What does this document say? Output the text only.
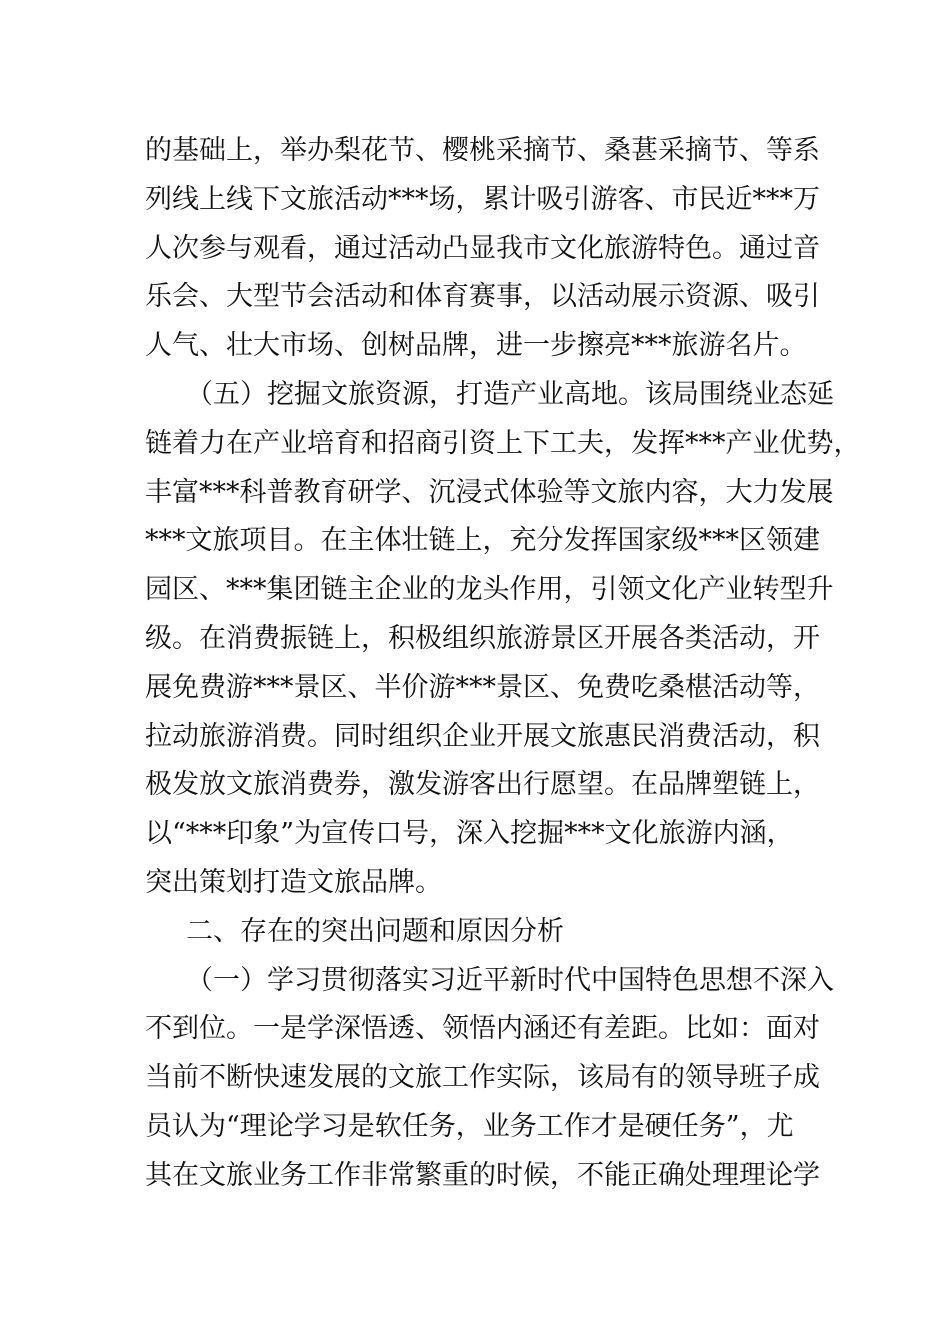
的基础上，举办梨花节、樱桃采摘节、桑葚采摘节、等系
列线上线下文旅活动***场，累计吸引游客、市民近***万
人次参与观看，通过活动凸显我市文化旅游特色。通过音
乐会、大型节会活动和体育赛事，以活动展示资源、吸引
人气、壮大市场、创树品牌，进一步擦亮***旅游名片。
（五）挖掘文旅资源，打造产业高地。该局围绕业态延
链着力在产业培育和招商引资上下工夫，发挥***产业优势，
丰富***科普教育研学、沉浸式体验等文旅内容，大力发展
***文旅项目。在主体壮链上，充分发挥国家级***区领建
园区、***集团链主企业的龙头作用，引领文化产业转型升
级。在消费振链上，积极组织旅游景区开展各类活动，开
展免费游***景区、半价游***景区、免费吃桑椹活动等，
拉动旅游消费。同时组织企业开展文旅惠民消费活动，积
极发放文旅消费券，激发游客出行愿望。在品牌塑链上，
以“***印象”为宣传口号，深入挖掘***文化旅游内涵，
突出策划打造文旅品牌。
二、存在的突出问题和原因分析
（一）学习贯彻落实习近平新时代中国特色思想不深入
不到位。一是学深悟透、领悟内涵还有差距。比如：面对
当前不断快速发展的文旅工作实际，该局有的领导班子成
员认为“理论学习是软任务，业务工作才是硬任务”，尤
其在文旅业务工作非常繁重的时候，不能正确处理理论学
